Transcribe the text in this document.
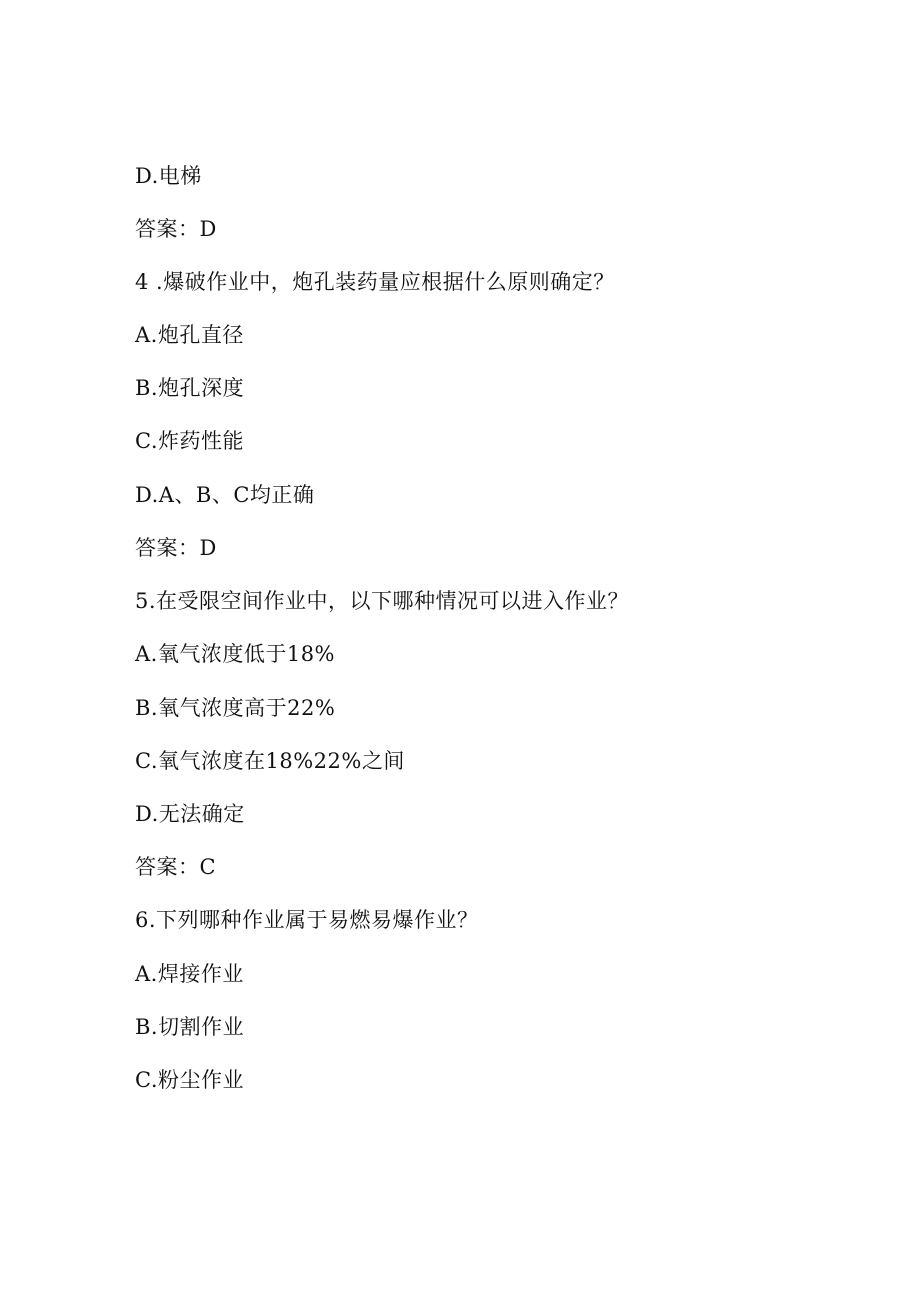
D.电梯
答案：D
4 .爆破作业中，炮孔装药量应根据什么原则确定？
A.炮孔直径
B.炮孔深度
C.炸药性能
D.A、B、C均正确
答案：D
5.在受限空间作业中，以下哪种情况可以进入作业？
A.氧气浓度低于18%
B.氧气浓度高于22%
C.氧气浓度在18%22%之间
D.无法确定
答案：C
6.下列哪种作业属于易燃易爆作业？
A.焊接作业
B.切割作业
C.粉尘作业
